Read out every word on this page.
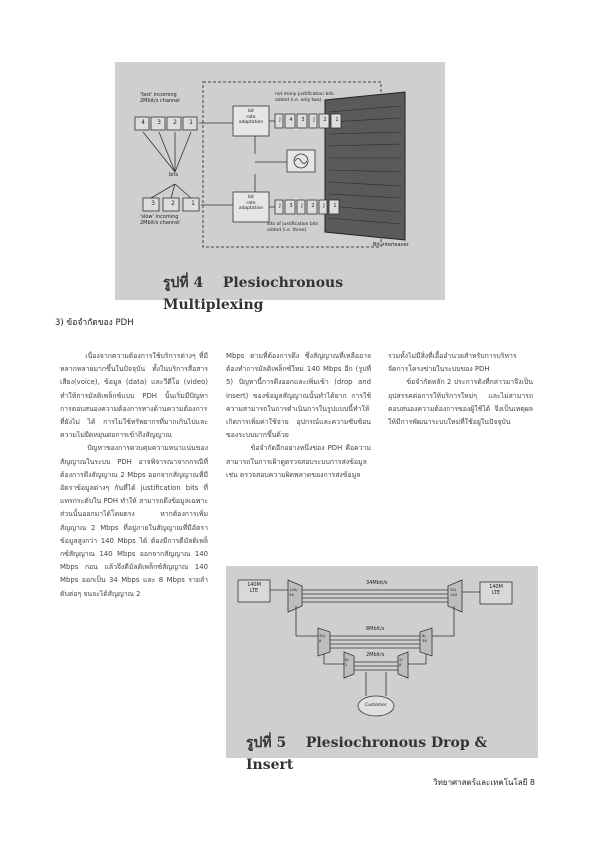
'fast' incoming
2Mbit/s channel
'slow' incoming
2Mbit/s channel
bits
bit
rate
adaptation
bit
rate
adaptation
not many justification bits
added (i.e. only two)
lots of justification bits
added (i.e. three)
Bit interleaver
4	3	2	1
3	2	1
J	4	3	J	2	1
J	3	J	2	J	1
รูปที่ 4 Plesiochronous Multiplexing
3) ข้อจำกัดของ PDH

เนื่องจากความต้องการใช้บริการต่างๆ ที่มีหลากหลายมากขึ้นในปัจจุบัน ทั้งในบริการสื่อสารเสียง(voice), ข้อมูล (data) และวีดีโอ (video) ทำให้การมัลติเพล็กซ์แบบ PDH นั้นเริ่มมีปัญหาการตอบสนองความต้องการทางด้านความต้องการที่ยังไม่ ได้ การไม่ใช้ทรัพยากรที่มากเกินไปและความไม่ยืดหยุ่นต่อการเข้าถึงสัญญาณ

ปัญหาของการควบคุมความหนาแน่นของสัญญาณในระบบ PDH อาจพิจารณาจากกรณีที่ต้องการดึงสัญญาณ 2 Mbps ออกจากสัญญาณที่มีอัตราข้อมูลต่างๆ กันที่ได้ justification bits ที่แทรกระดับใน PDH ทำให้ สามารถดึงข้อมูลเฉพาะส่วนนั้นออกมาได้โดยตรง หากต้องการเพิ่มสัญญาณ 2 Mbps ที่อยู่ภายในสัญญาณที่มีอัตราข้อมูลสูงกว่า 140 Mbps ได้ ต้องมีการดีมัลติเพล็กซ์สัญญาณ 140 Mbps ออกจากสัญญาณ 140 Mbps ก่อน แล้วจึงดีมัลติเพล็กซ์สัญญาณ 140 Mbps ออกเป็น 34 Mbps และ 8 Mbps รายลำดับต่อๆ จนจะได้สัญญาณ 2

Mbps ตามที่ต้องการดึง ซึ่งสัญญาณที่เหลืออาจต้องทำการมัลติเพล็กซ์ใหม่ 140 Mbps อีก (รูปที่ 5) ปัญหานี้การดึงออกและเพิ่มเข้า (drop and insert) ของข้อมูลสัญญาณนั้นทำได้ยาก การใช้ความสามารถในการดำเนินการในรูปแบบนี้ทำให้เกิดการเพิ่มค่าใช้จ่าย อุปกรณ์และความซับซ้อนของระบบมากขึ้นด้วย

ข้อจำกัดอีกอย่างหนึ่งของ PDH คือความสามารถในการเฝ้าดูตรวจสอบระบบการส่งข้อมูลเช่น ตรวจสอบความผิดพลาดของการส่งข้อมูล

รวมทั้งไม่มีสิ่งที่เอื้ออำนวยสำหรับการบริหารจัดการโครงข่ายในระบบของ PDH

ข้อจำกัดหลัก 2 ประการดังที่กล่าวมาจึงเป็นอุปสรรคต่อการให้บริการใหม่ๆ และไม่สามารถตอบสนองความต้องการของผู้ใช้ได้ จึงเป็นเหตุผลให้มีการพัฒนาระบบใหม่ที่ใช้อยู่ในปัจจุบัน

140M
LTE
140M
LTE
34Mbit/s
8Mbit/s
2Mbit/s
Customer
140/
34
34/
140
34/
8
8/
34
8/
2
2/
8
รูปที่ 5 Plesiochronous Drop & Insert
วิทยาศาสตร์และเทคโนโลยี 8
